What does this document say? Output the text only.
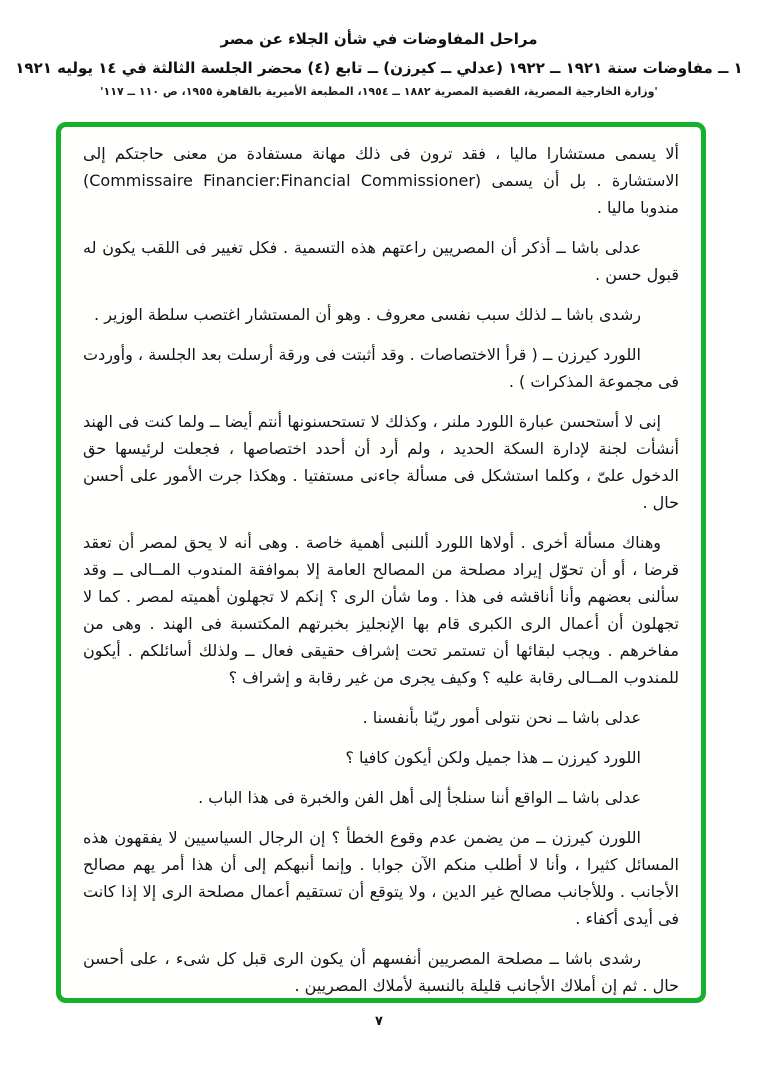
مراحل المفاوضات في شأن الجلاء عن مصر
١ ــ مفاوضات سنة ١٩٢١ ــ ١٩٢٢ (عدلي ــ كيرزن) ــ تابع (٤) محضر الجلسة الثالثة في ١٤ يوليه ١٩٢١
'وزارة الخارجية المصرية، القضية المصرية ١٨٨٢ ــ ١٩٥٤، المطبعة الأميرية بالقاهرة ١٩٥٥، ص ١١٠ ــ ١١٧'

ألا يسمى مستشارا ماليا ، فقد ترون فى ذلك مهانة مستفادة من معنى حاجتكم إلى الاستشارة . بل أن يسمى (Commissaire Financier:Financial Commissioner) مندوبا ماليا .

عدلى باشا ــ أذكر أن المصريين راعتهم هذه التسمية . فكل تغيير فى اللقب يكون له قبول حسن .

رشدى باشا ــ لذلك سبب نفسى معروف . وهو أن المستشار اغتصب سلطة الوزير .

اللورد كيرزن ــ ( قرأ الاختصاصات . وقد أثبتت فى ورقة أرسلت بعد الجلسة ، وأوردت فى مجموعة المذكرات ) .

إنى لا أستحسن عبارة اللورد ملنر ، وكذلك لا تستحسنونها أنتم أيضا ــ ولما كنت فى الهند أنشأت لجنة لإدارة السكة الحديد ، ولم أرد أن أحدد اختصاصها ، فجعلت لرئيسها حق الدخول علىّ ، وكلما استشكل فى مسألة جاءنى مستفتيا . وهكذا جرت الأمور على أحسن حال .

وهناك مسألة أخرى . أولاها اللورد أللنبى أهمية خاصة . وهى أنه لا يحق لمصر أن تعقد قرضا ، أو أن تحوّل إيراد مصلحة من المصالح العامة إلا بموافقة المندوب المــالى ــ وقد سألنى بعضهم وأنا أناقشه فى هذا . وما شأن الرى ؟ إنكم لا تجهلون أهميته لمصر . كما لا تجهلون أن أعمال الرى الكبرى قام بها الإنجليز بخبرتهم المكتسبة فى الهند . وهى من مفاخرهم . ويجب لبقائها أن تستمر تحت إشراف حقيقى فعال ــ ولذلك أسائلكم . أيكون للمندوب المــالى رقابة عليه ؟ وكيف يجرى من غير رقابة و إشراف ؟

عدلى باشا ــ نحن نتولى أمور ريّنا بأنفسنا .

اللورد كيرزن ــ هذا جميل ولكن أيكون كافيا ؟

عدلى باشا ــ الواقع أننا سنلجأ إلى أهل الفن والخبرة فى هذا الباب .

اللورن كيرزن ــ من يضمن عدم وقوع الخطأ ؟ إن الرجال السياسيين لا يفقهون هذه المسائل كثيرا ، وأنا لا أطلب منكم الآن جوابا . وإنما أنبهكم إلى أن هذا أمر يهم مصالح الأجانب . وللأجانب مصالح غير الدين ، ولا يتوقع أن تستقيم أعمال مصلحة الرى إلا إذا كانت فى أيدى أكفاء .

رشدى باشا ــ مصلحة المصريين أنفسهم أن يكون الرى قبل كل شىء ، على أحسن حال . ثم إن أملاك الأجانب قليلة بالنسبة لأملاك المصريين .

٧
